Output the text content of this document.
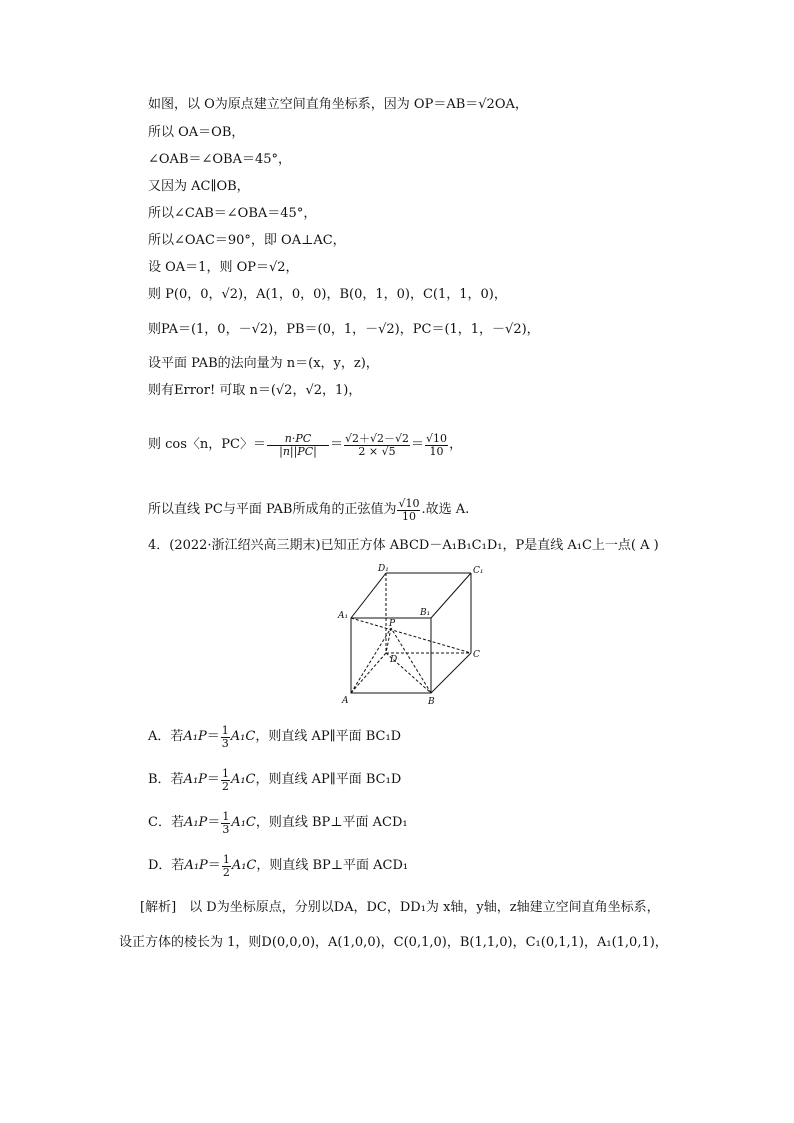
如图，以 O为原点建立空间直角坐标系，因为 OP＝AB＝√2OA，
所以 OA＝OB，
∠OAB＝∠OBA＝45°，
又因为 AC∥OB，
所以∠CAB＝∠OBA＝45°，
所以∠OAC＝90°，即 OA⊥AC，
设 OA＝1，则 OP＝√2，
则 P(0，0，√2)，A(1，0，0)，B(0，1，0)，C(1，1，0)，
则PA＝(1，0，－√2)，PB＝(0，1，－√2)，PC＝(1，1，－√2)，
设平面 PAB的法向量为 n＝(x，y，z)，
则有Error! 可取 n＝(√2，√2，1)，
则 cos〈n，PC〉＝ $\frac{n\cdot PC}{|n||PC|} = \frac{√2+√2-√2}{2 \times √5} = \frac{√10}{10}$ ，
所以直线 PC与平面 PAB所成角的正弦值为 $\frac{√10}{10}$ .故选 A.
4．(2022·浙江绍兴高三期末)已知正方体 ABCD－A₁B₁C₁D₁，P是直线 A₁C上一点( A )
D₁	C₁
A₁	B₁
P
D	C
A	B
A．若 $A_1P = \frac{1}{3} A_1C$ ，则直线 AP∥平面 BC₁D
B．若 $A_1P = \frac{1}{2} A_1C$ ，则直线 AP∥平面 BC₁D
C．若 $A_1P = \frac{1}{3} A_1C$ ，则直线 BP⊥平面 ACD₁
D．若 $A_1P = \frac{1}{2} A_1C$ ，则直线 BP⊥平面 ACD₁
[解析]　以 D为坐标原点，分别以DA，DC，DD₁为 x轴，y轴，z轴建立空间直角坐标系，
设正方体的棱长为 1，则D(0,0,0)，A(1,0,0)，C(0,1,0)，B(1,1,0)，C₁(0,1,1)，A₁(1,0,1)，
